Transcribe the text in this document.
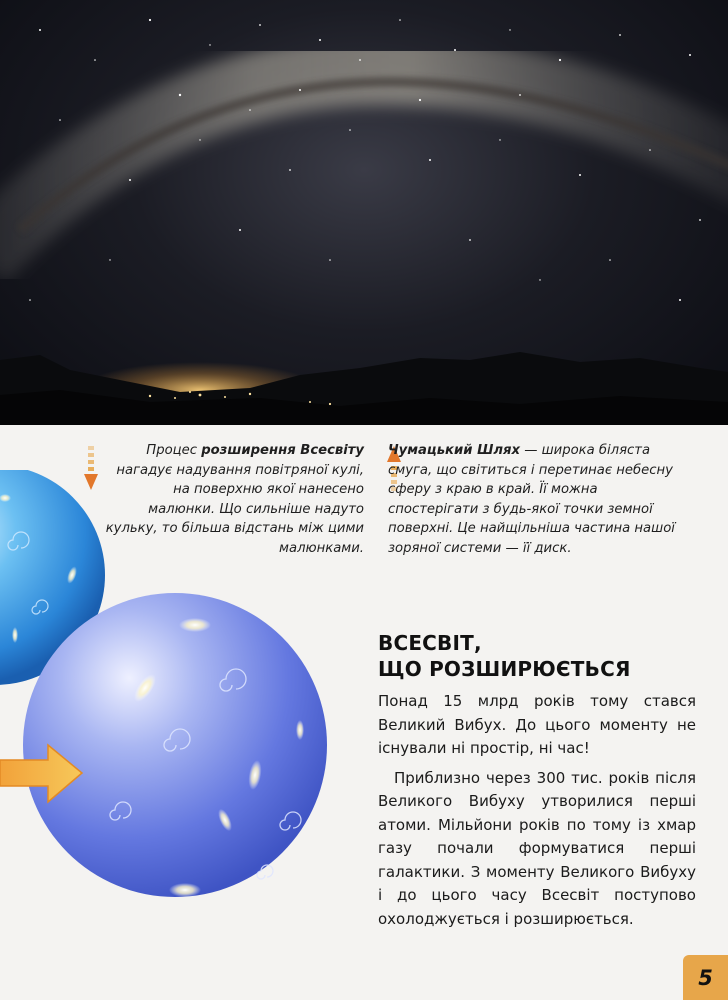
Процес розширення Всесвіту нагадує надування повітряної кулі, на поверхню якої нанесено малюнки. Що сильніше надуто кульку, то більша відстань між цими малюнками.
Чумацький Шлях — широка біляста смуга, що світиться і перетинає небесну сферу з краю в край. Її можна спостерігати з будь-якої точки земної поверхні. Це найщільніша частина нашої зоряної системи — її диск.
ВСЕСВІТ,
ЩО РОЗШИРЮЄТЬСЯ

Понад 15 млрд років тому стався Великий Вибух. До цього моменту не існували ні простір, ні час!

Приблизно через 300 тис. років після Великого Вибуху утворилися перші атоми. Мільйони років по тому із хмар газу почали формуватися перші галактики. З моменту Великого Вибуху і до цього часу Всесвіт поступово охолоджується і розширюється.

5
